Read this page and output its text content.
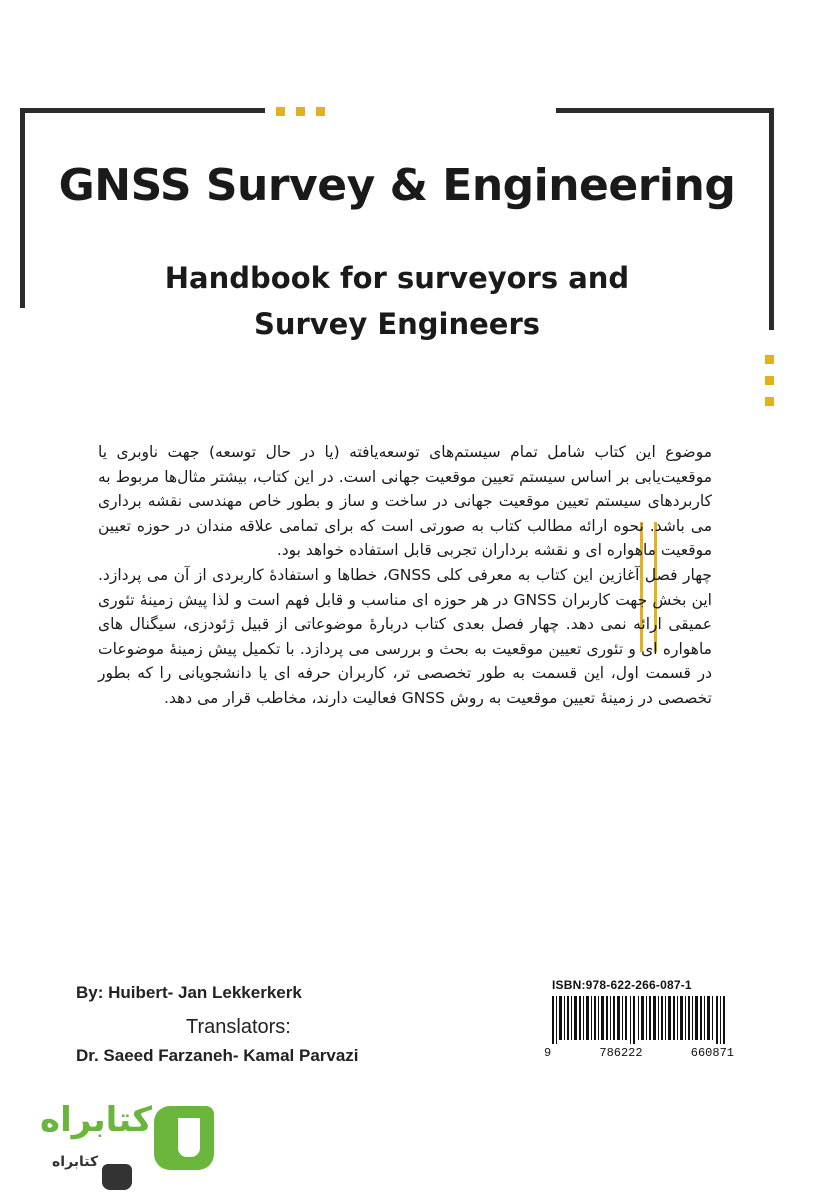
GNSS Survey & Engineering
Handbook for surveyors and
Survey Engineers

موضوع این کتاب شامل تمام سیستم‌های توسعه‌یافته (یا در حال توسعه) جهت ناوبری یا موقعیت‌یابی بر اساس سیستم تعیین موقعیت جهانی است. در این کتاب، بیشتر مثال‌ها مربوط به کاربردهای سیستم تعیین موقعیت جهانی در ساخت و ساز و بطور خاص مهندسی نقشه برداری می باشد. نحوه ارائه مطالب کتاب به صورتی است که برای تمامی علاقه مندان در حوزه تعیین موقعیت ماهواره ای و نقشه برداران تجربی قابل استفاده خواهد بود.

چهار فصل آغازین این کتاب به معرفی کلی GNSS، خطاها و استفادهٔ کاربردی از آن می پردازد. این بخش جهت کاربران GNSS در هر حوزه ای مناسب و قابل فهم است و لذا پیش زمینهٔ تئوری عمیقی ارائه نمی دهد. چهار فصل بعدی کتاب دربارهٔ موضوعاتی از قبیل ژئودزی، سیگنال های ماهواره ای و تئوری تعیین موقعیت به بحث و بررسی می پردازد. با تکمیل پیش زمینهٔ موضوعات در قسمت اول، این قسمت به طور تخصصی تر، کاربران حرفه ای یا دانشجویانی را که بطور تخصصی در زمینهٔ تعیین موقعیت به روش GNSS فعالیت دارند، مخاطب قرار می دهد.

By: Huibert- Jan Lekkerkerk
Translators:
Dr. Saeed Farzaneh- Kamal Parvazi
ISBN:978-622-266-087-1
9	786222	660871
کتابراه
کتابراه
